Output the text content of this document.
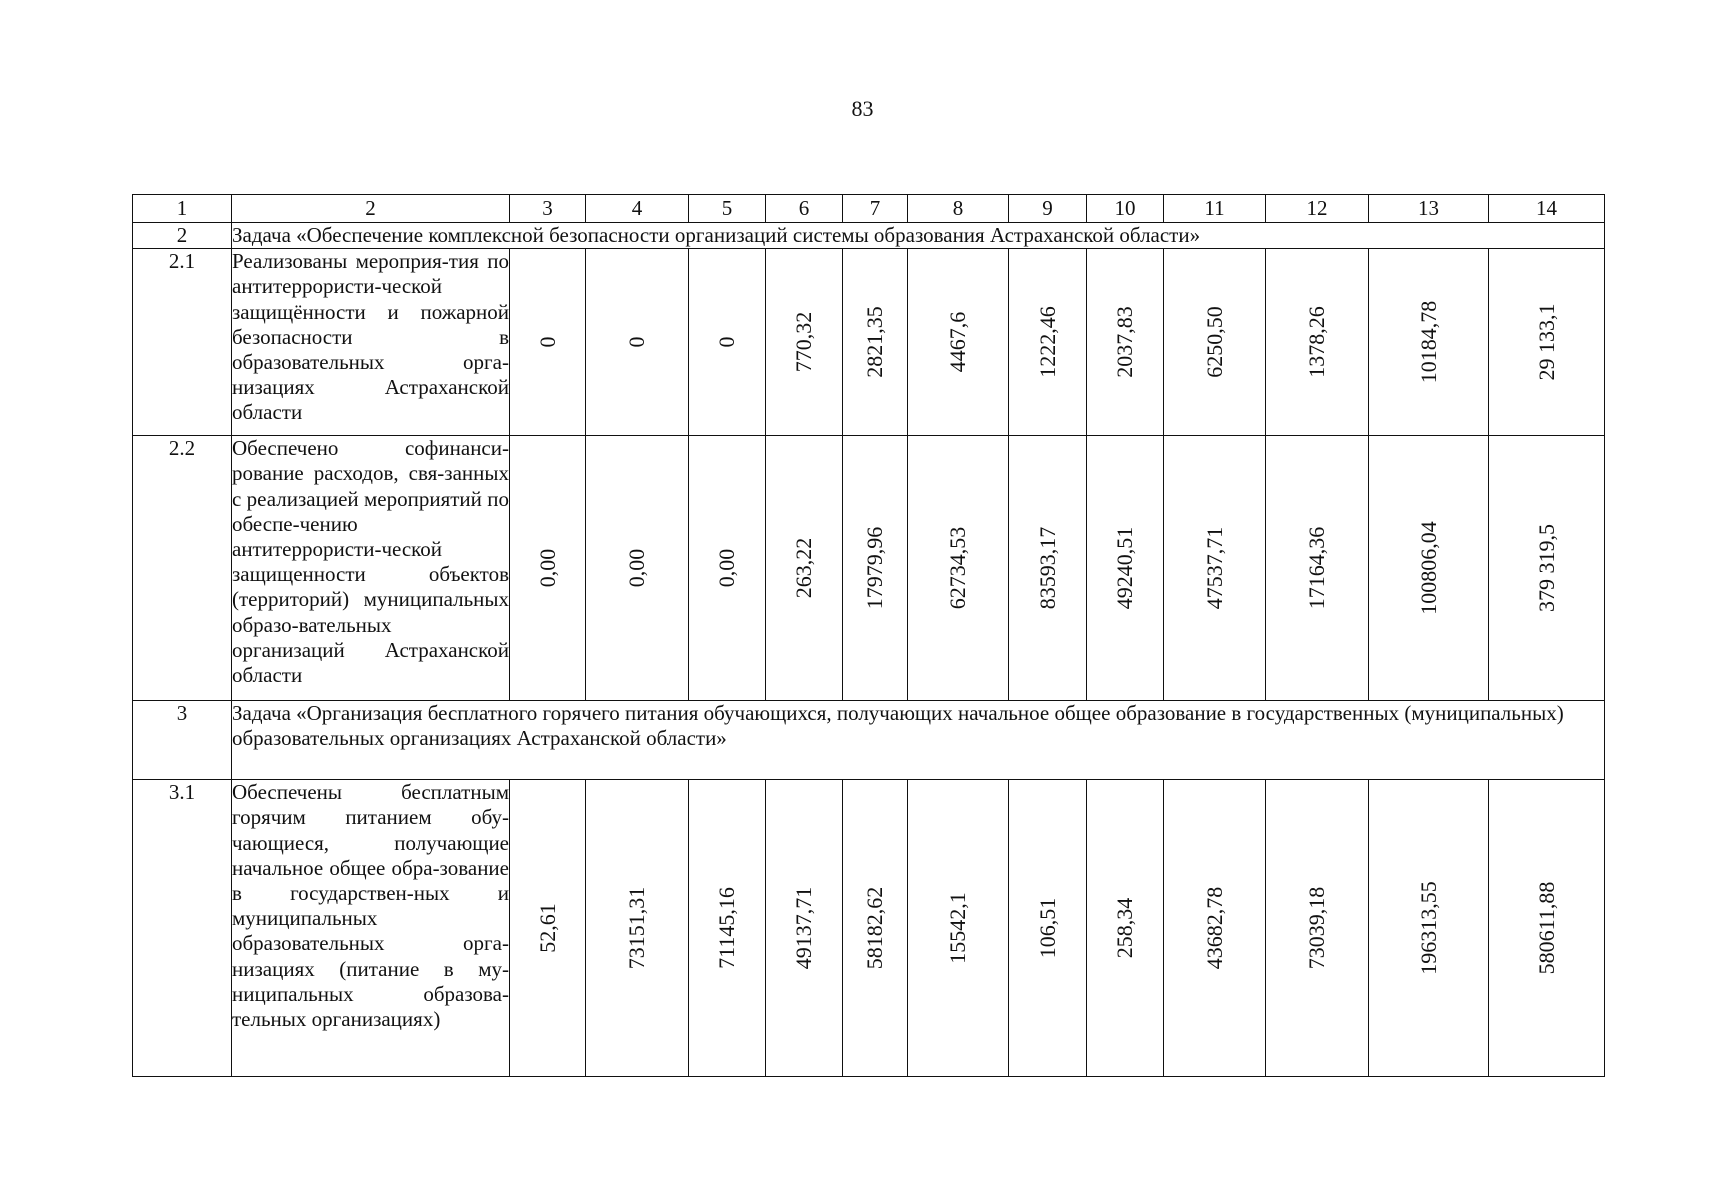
83
1	2	3	4	5	6	7	8	9	10	11	12	13	14
2	Задача «Обеспечение комплексной безопасности организаций системы образования Астраханской области»												
2.1	Реализованы мероприя-тия по антитеррористи-ческой защищённости и пожарной безопасности в образовательных орга-низациях Астраханской области	0	0	0	770,32	2821,35	4467,6	1222,46	2037,83	6250,50	1378,26	10184,78	29 133,1

2.2	Обеспечено софинанси-рование расходов, свя-занных с реализацией мероприятий по обеспе-чению антитеррористи-ческой защищенности объектов (территорий) муниципальных образо-вательных организаций Астраханской области	0,00	0,00	0,00	263,22	17979,96	62734,53	83593,17	49240,51	47537,71	17164,36	100806,04	379 319,5

3	Задача «Организация бесплатного горячего питания обучающихся, получающих начальное общее образование в государственных (муниципальных) образовательных организациях Астраханской области»												
3.1	Обеспечены бесплатным горячим питанием обу-чающиеся, получающие начальное общее обра-зование в государствен-ных и муниципальных образовательных орга-низациях (питание в му-ниципальных образова-тельных организациях)	52,61	73151,31	71145,16	49137,71	58182,62	15542,1	106,51	258,34	43682,78	73039,18	196313,55	580611,88
